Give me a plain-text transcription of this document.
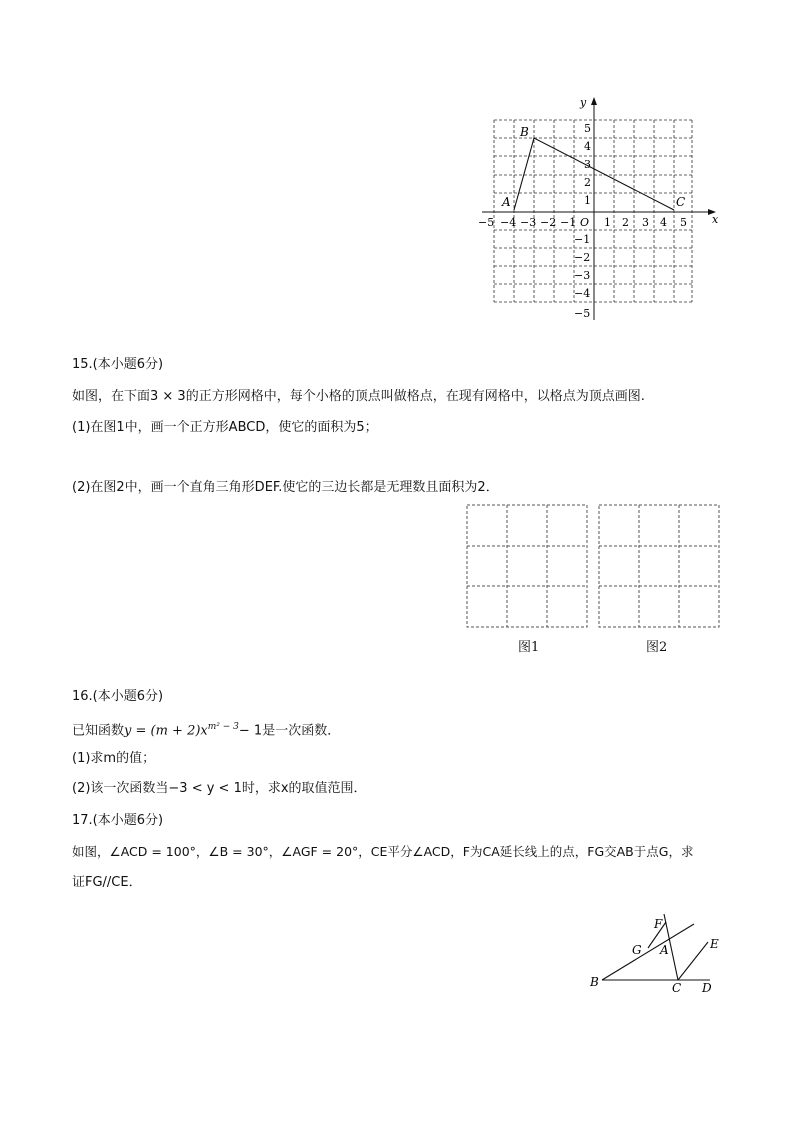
x
y
O
−5 −4 −3 −2 −1	1 2 3 4 5
1
2
3
4
5
−1
−2
−3
−4
−5
A
B
C
15.(本小题6分)
如图，在下面3 × 3的正方形网格中，每个小格的顶点叫做格点，在现有网格中，以格点为顶点画图.
(1)在图1中，画一个正方形ABCD，使它的面积为5；
(2)在图2中，画一个直角三角形DEF.使它的三边长都是无理数且面积为2．
图1	图2
16.(本小题6分)
已知函数$y = (m + 2)x^{m^2 - 3}- 1$是一次函数．
(1)求m的值；
(2)该一次函数当−3 < y < 1时，求x的取值范围．
17.(本小题6分)
如图，∠ACD = 100°，∠B = 30°，∠AGF = 20°，CE平分∠ACD，F为CA延长线上的点，FG交AB于点G，求
证FG//CE．
F
G A
B	C D
E
